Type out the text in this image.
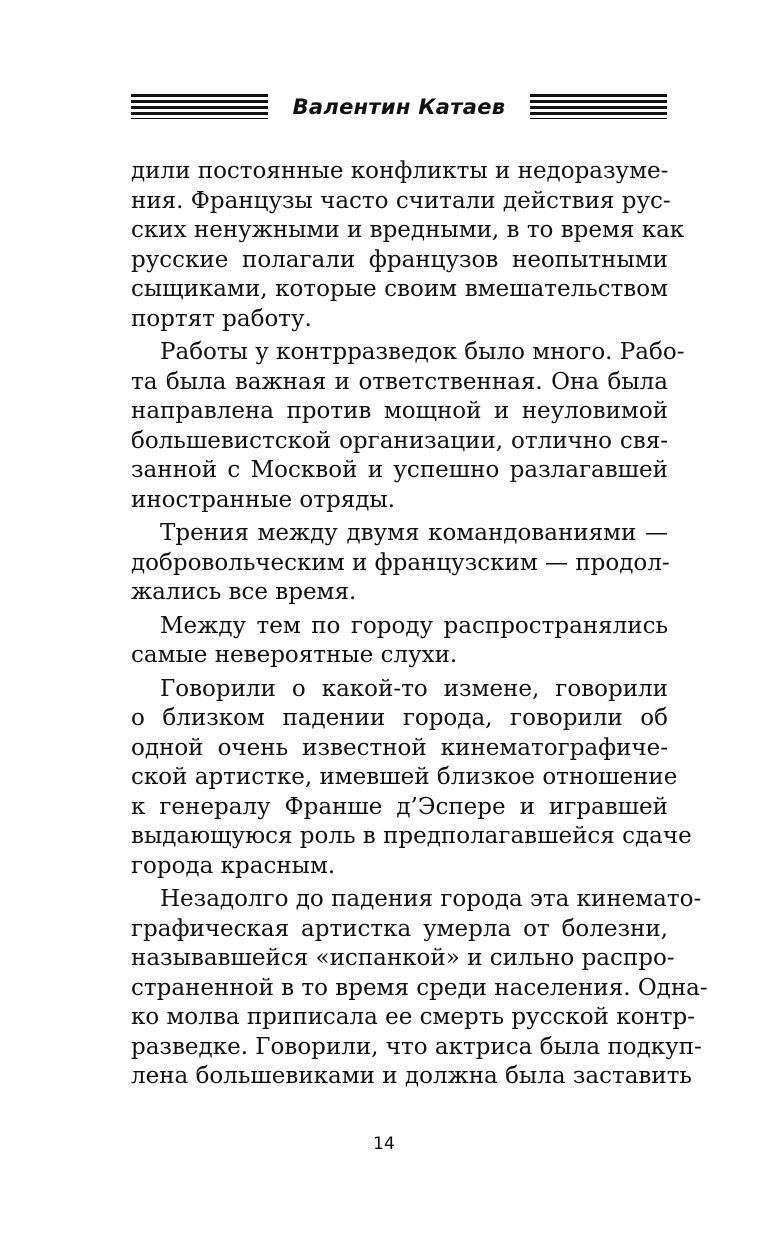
Валентин Катаев
дили постоянные конфликты и недоразуме-
ния. Французы часто считали действия рус-
ских ненужными и вредными, в то время как
русские полагали французов неопытными
сыщиками, которые своим вмешательством
портят работу.
Работы у контрразведок было много. Рабо-
та была важная и ответственная. Она была
направлена против мощной и неуловимой
большевистской организации, отлично свя-
занной с Москвой и успешно разлагавшей
иностранные отряды.
Трения между двумя командованиями —
добровольческим и французским — продол-
жались все время.
Между тем по городу распространялись
самые невероятные слухи.
Говорили о какой-то измене, говорили
о близком падении города, говорили об
одной очень известной кинематографиче-
ской артистке, имевшей близкое отношение
к генералу Франше д’Эспере и игравшей
выдающуюся роль в предполагавшейся сдаче
города красным.
Незадолго до падения города эта кинемато-
графическая артистка умерла от болезни,
называвшейся «испанкой» и сильно распро-
страненной в то время среди населения. Одна-
ко молва приписала ее смерть русской контр-
разведке. Говорили, что актриса была подкуп-
лена большевиками и должна была заставить
14
